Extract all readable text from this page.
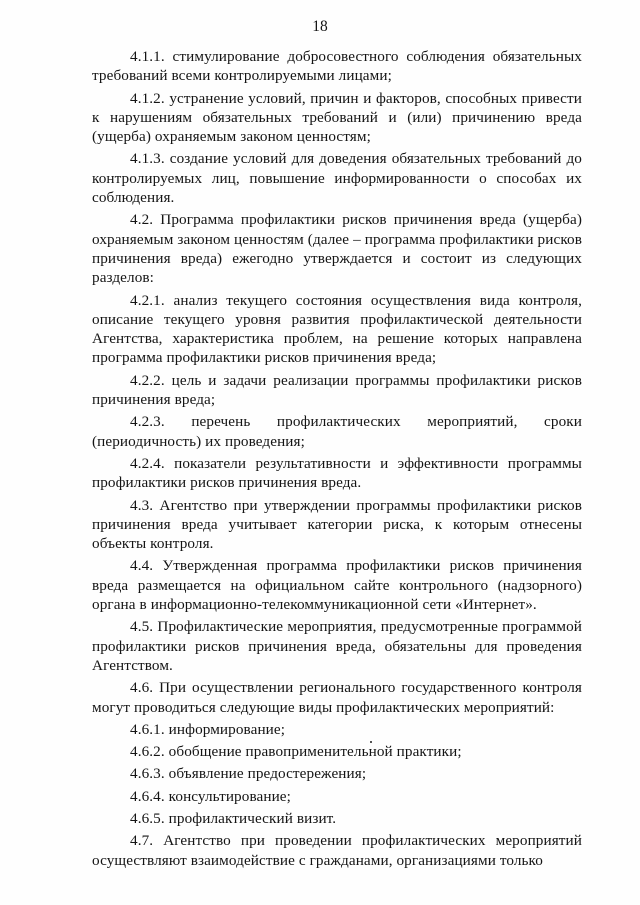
18

4.1.1. стимулирование добросовестного соблюдения обязательных требований всеми контролируемыми лицами;

4.1.2. устранение условий, причин и факторов, способных привести к нарушениям обязательных требований и (или) причинению вреда (ущерба) охраняемым законом ценностям;

4.1.3. создание условий для доведения обязательных требований до контролируемых лиц, повышение информированности о способах их соблюдения.

4.2. Программа профилактики рисков причинения вреда (ущерба) охраняемым законом ценностям (далее – программа профилактики рисков причинения вреда) ежегодно утверждается и состоит из следующих разделов:

4.2.1. анализ текущего состояния осуществления вида контроля, описание текущего уровня развития профилактической деятельности Агентства, характеристика проблем, на решение которых направлена программа профилактики рисков причинения вреда;

4.2.2. цель и задачи реализации программы профилактики рисков причинения вреда;

4.2.3. перечень профилактических мероприятий, сроки (периодичность) их проведения;

4.2.4. показатели результативности и эффективности программы профилактики рисков причинения вреда.

4.3. Агентство при утверждении программы профилактики рисков причинения вреда учитывает категории риска, к которым отнесены объекты контроля.

4.4. Утвержденная программа профилактики рисков причинения вреда размещается на официальном сайте контрольного (надзорного) органа в информационно-телекоммуникационной сети «Интернет».

4.5. Профилактические мероприятия, предусмотренные программой профилактики рисков причинения вреда, обязательны для проведения Агентством.

4.6. При осуществлении регионального государственного контроля могут проводиться следующие виды профилактических мероприятий:

4.6.1. информирование;

4.6.2. обобщение правоприменительной практики;

4.6.3. объявление предостережения;

4.6.4. консультирование;

4.6.5. профилактический визит.

4.7. Агентство при проведении профилактических мероприятий осуществляют взаимодействие с гражданами, организациями только
